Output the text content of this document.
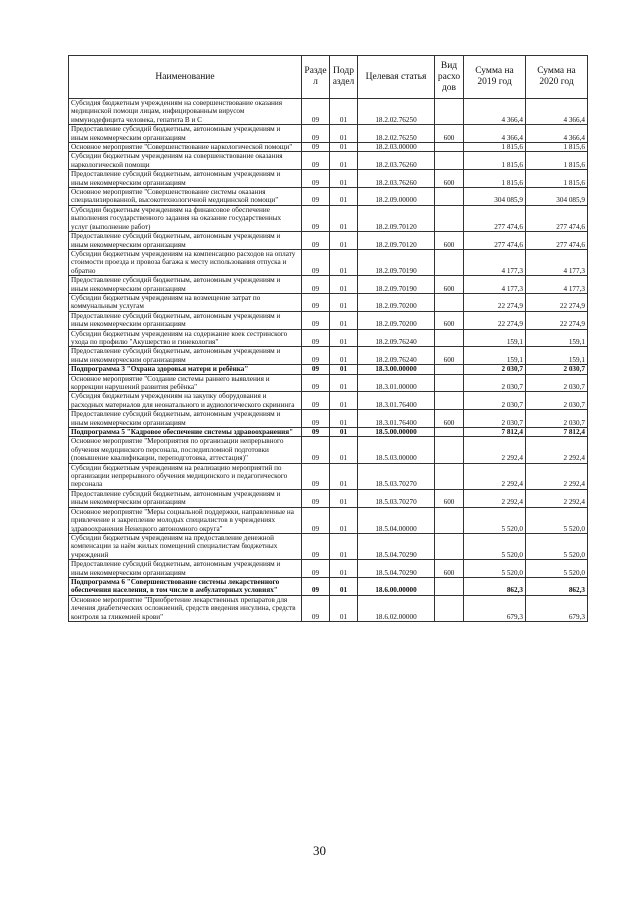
Наименование	Разде л	Подр аздел	Целевая статья	Вид расхо дов	Сумма на 2019 год	Сумма на 2020 год
Субсидия бюджетным учреждениям на совершенствование оказания медицинской помощи лицам, инфицированным вирусом иммунодефицита человека, гепатита В и С	09	01	18.2.02.76250		4 366,4	4 366,4
Предоставление субсидий бюджетным, автономным учреждениям и иным некоммерческим организациям	09	01	18.2.02.76250	600	4 366,4	4 366,4
Основное мероприятие "Совершенствование наркологической помощи"	09	01	18.2.03.00000		1 815,6	1 815,6
Субсидии бюджетным учреждениям на совершенствование оказания наркологической помощи	09	01	18.2.03.76260		1 815,6	1 815,6
Предоставление субсидий бюджетным, автономным учреждениям и иным некоммерческим организациям	09	01	18.2.03.76260	600	1 815,6	1 815,6
Основное мероприятие "Совершенствование системы оказания специализированной, высокотехнологичной медицинской помощи"	09	01	18.2.09.00000		304 085,9	304 085,9
Субсидии бюджетным учреждениям на финансовое обеспечение выполнения государственного задания на оказание государственных услуг (выполнение работ)	09	01	18.2.09.70120		277 474,6	277 474,6
Предоставление субсидий бюджетным, автономным учреждениям и иным некоммерческим организациям	09	01	18.2.09.70120	600	277 474,6	277 474,6
Субсидии бюджетным учреждениям на компенсацию расходов на оплату стоимости проезда и провоза багажа к месту использования отпуска и обратно	09	01	18.2.09.70190		4 177,3	4 177,3
Предоставление субсидий бюджетным, автономным учреждениям и иным некоммерческим организациям	09	01	18.2.09.70190	600	4 177,3	4 177,3
Субсидии бюджетным учреждениям на возмещение затрат по коммунальным услугам	09	01	18.2.09.70200		22 274,9	22 274,9
Предоставление субсидий бюджетным, автономным учреждениям и иным некоммерческим организациям	09	01	18.2.09.70200	600	22 274,9	22 274,9
Субсидии бюджетным учреждениям на содержание коек сестринского ухода по профилю "Акушерство и гинекология"	09	01	18.2.09.76240		159,1	159,1
Предоставление субсидий бюджетным, автономным учреждениям и иным некоммерческим организациям	09	01	18.2.09.76240	600	159,1	159,1
Подпрограмма 3 "Охрана здоровья матери и ребёнка"	09	01	18.3.00.00000		2 030,7	2 030,7
Основное мероприятие "Создание системы раннего выявления и коррекции нарушений развития ребёнка"	09	01	18.3.01.00000		2 030,7	2 030,7
Субсидия бюджетным учреждениям на закупку оборудования и расходных материалов для неонатального и аудиологического скрининга	09	01	18.3.01.76400		2 030,7	2 030,7
Предоставление субсидий бюджетным, автономным учреждениям и иным некоммерческим организациям	09	01	18.3.01.76400	600	2 030,7	2 030,7
Подпрограмма 5 "Кадровое обеспечение системы здравоохранения"	09	01	18.5.00.00000		7 812,4	7 812,4
Основное мероприятие "Мероприятия по организации непрерывного обучения медицинского персонала, последипломной подготовки (повышение квалификации, переподготовка, аттестация)"	09	01	18.5.03.00000		2 292,4	2 292,4
Субсидии бюджетным учреждениям на реализацию мероприятий по организации непрерывного обучения медицинского и педагогического персонала	09	01	18.5.03.70270		2 292,4	2 292,4
Предоставление субсидий бюджетным, автономным учреждениям и иным некоммерческим организациям	09	01	18.5.03.70270	600	2 292,4	2 292,4
Основное мероприятие "Меры социальной поддержки, направленные на привлечение и закрепление молодых специалистов в учреждениях здравоохранения Ненецкого автономного округа"	09	01	18.5.04.00000		5 520,0	5 520,0
Субсидии бюджетным учреждениям на предоставление денежной компенсации за наём жилых помещений специалистам бюджетных учреждений	09	01	18.5.04.70290		5 520,0	5 520,0
Предоставление субсидий бюджетным, автономным учреждениям и иным некоммерческим организациям	09	01	18.5.04.70290	600	5 520,0	5 520,0
Подпрограмма 6 "Совершенствование системы лекарственного обеспечения населения, в том числе в амбулаторных условиях"	09	01	18.6.00.00000		862,3	862,3
Основное мероприятие "Приобретение лекарственных препаратов для лечения диабетических осложнений, средств введения инсулина, средств контроля за гликемией крови"	09	01	18.6.02.00000		679,3	679,3
30
